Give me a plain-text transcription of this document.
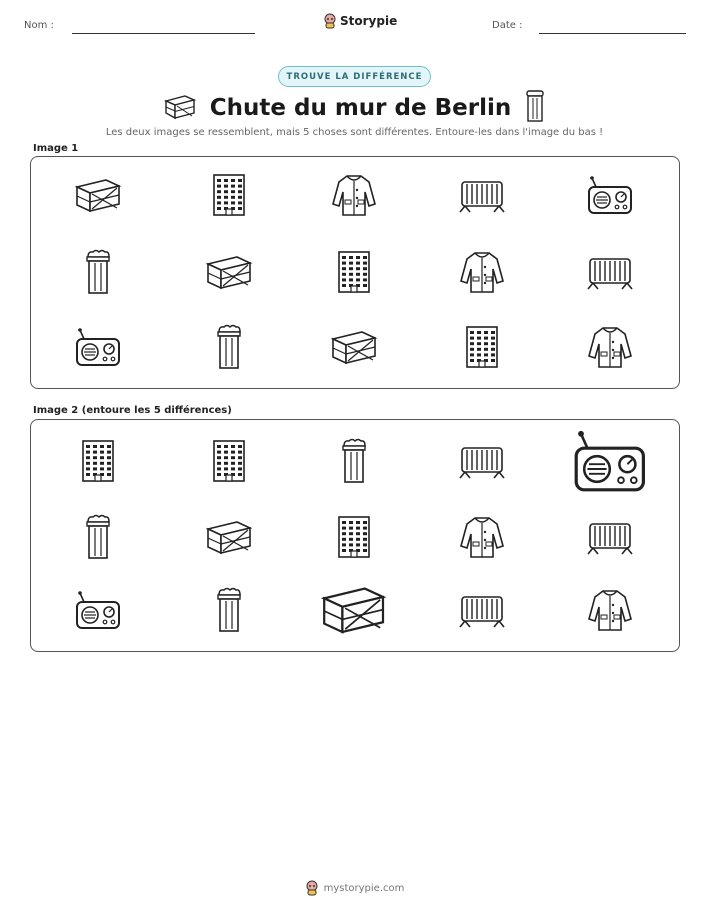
Nom :	Storypie	Date :
TROUVE LA DIFFÉRENCE
Chute du mur de Berlin
Les deux images se ressemblent, mais 5 choses sont différentes. Entoure-les dans l'image du bas !
Image 1
Image 2 (entoure les 5 différences)
mystorypie.com
